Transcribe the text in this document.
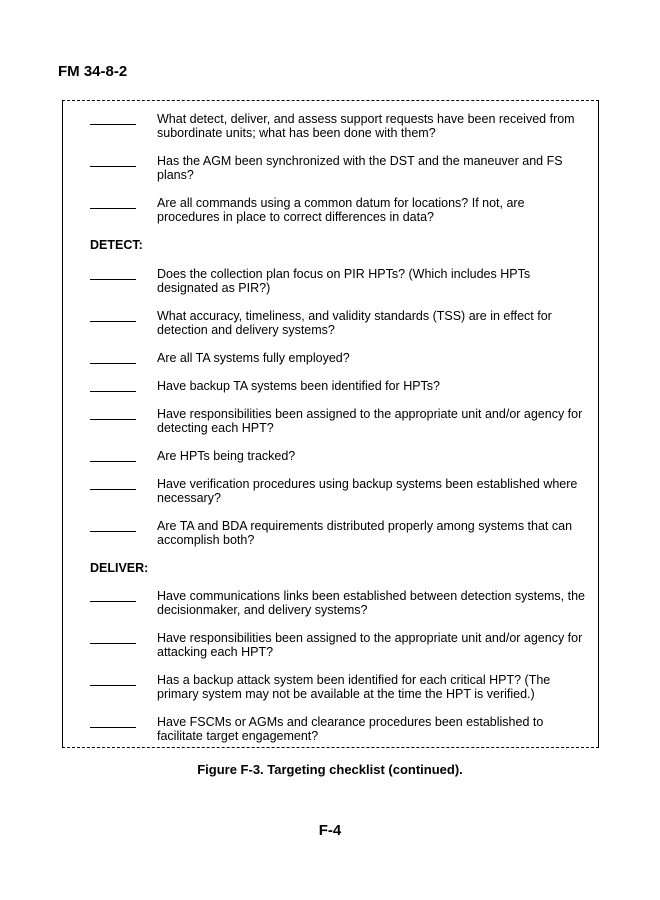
FM 34-8-2
What detect, deliver, and assess support requests have been received from subordinate units; what has been done with them?
Has the AGM been synchronized with the DST and the maneuver and FS plans?
Are all commands using a common datum for locations? If not, are procedures in place to correct differences in data?
DETECT:
Does the collection plan focus on PIR HPTs? (Which includes HPTs designated as PIR?)
What accuracy, timeliness, and validity standards (TSS) are in effect for detection and delivery systems?
Are all TA systems fully employed?
Have backup TA systems been identified for HPTs?
Have responsibilities been assigned to the appropriate unit and/or agency for detecting each HPT?
Are HPTs being tracked?
Have verification procedures using backup systems been established where necessary?
Are TA and BDA requirements distributed properly among systems that can accomplish both?
DELIVER:
Have communications links been established between detection systems, the decisionmaker, and delivery systems?
Have responsibilities been assigned to the appropriate unit and/or agency for attacking each HPT?
Has a backup attack system been identified for each critical HPT? (The primary system may not be available at the time the HPT is verified.)
Have FSCMs or AGMs and clearance procedures been established to facilitate target engagement?
Figure F-3. Targeting checklist (continued).
F-4
